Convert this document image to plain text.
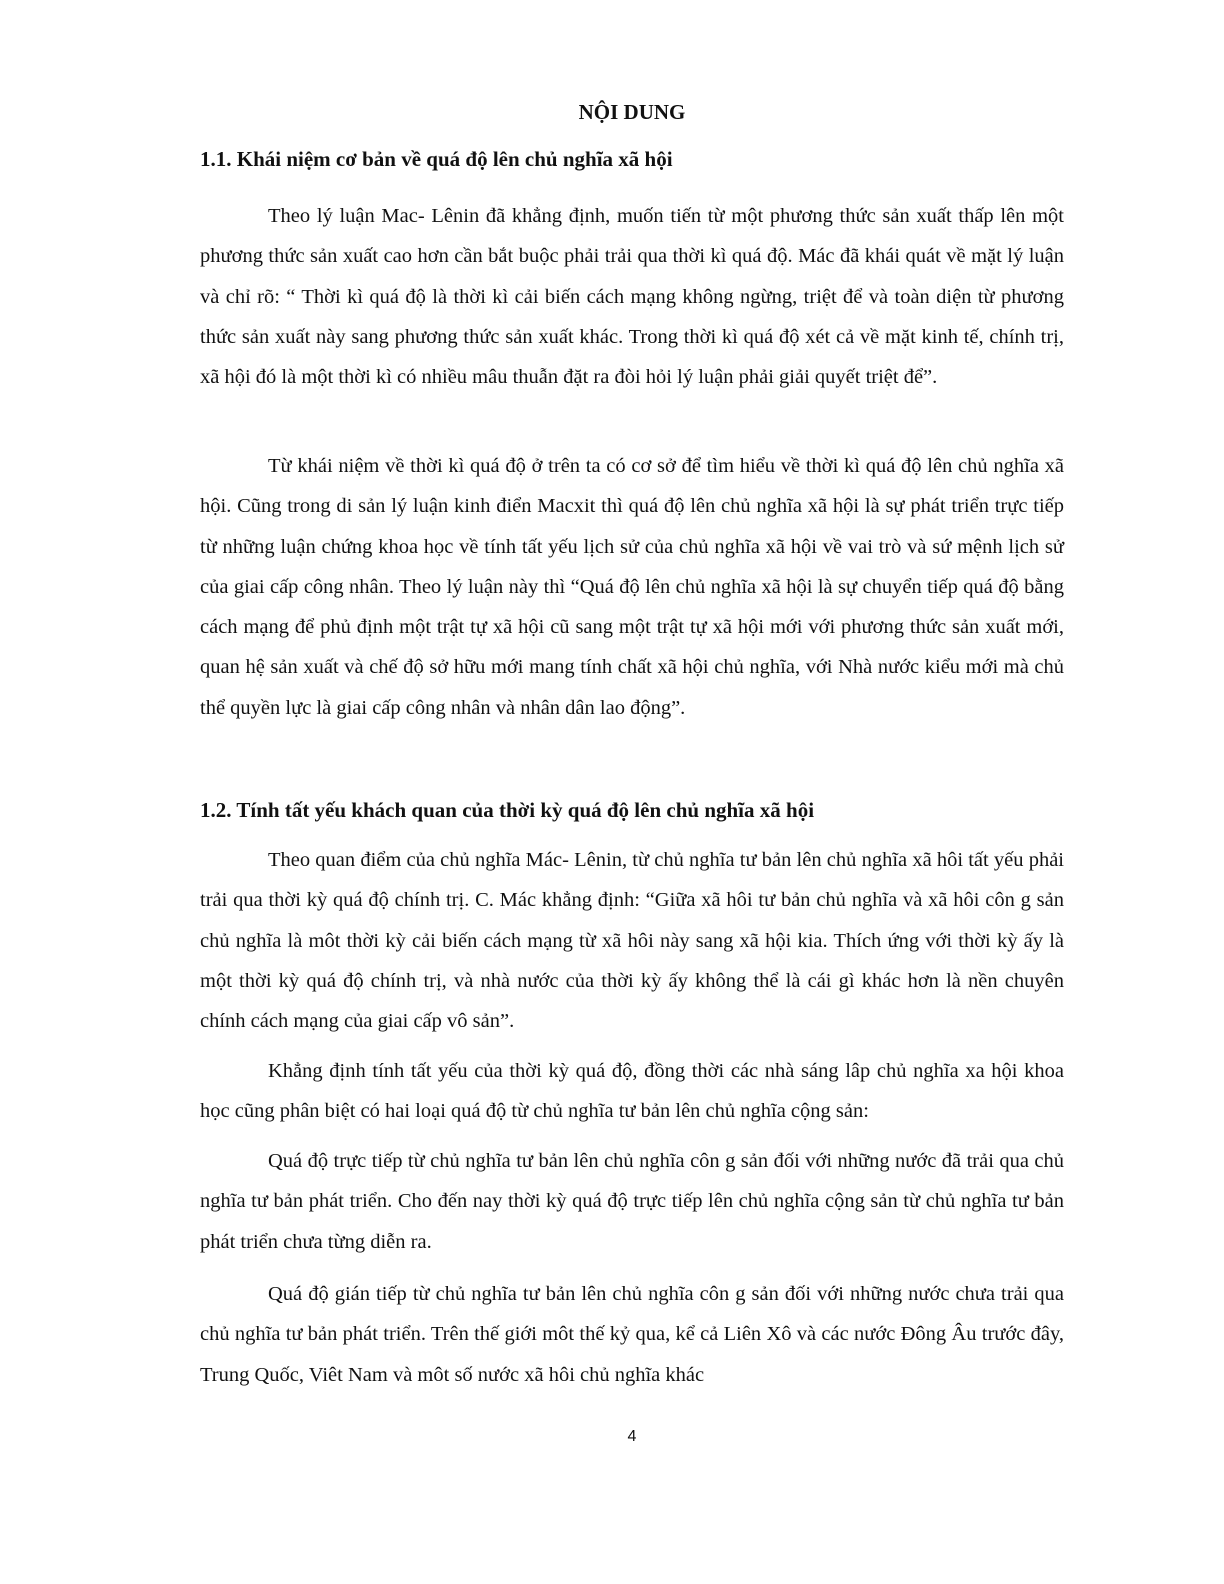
NỘI DUNG
1.1. Khái niệm cơ bản về quá độ lên chủ nghĩa xã hội

Theo lý luận Mac- Lênin đã khẳng định, muốn tiến từ một phương thức sản xuất thấp lên một phương thức sản xuất cao hơn cần bắt buộc phải trải qua thời kì quá độ. Mác đã khái quát về mặt lý luận và chỉ rõ: “ Thời kì quá độ là thời kì cải biến cách mạng không ngừng, triệt để và toàn diện từ phương thức sản xuất này sang phương thức sản xuất khác. Trong thời kì quá độ xét cả về mặt kinh tế, chính trị, xã hội đó là một thời kì có nhiều mâu thuẫn đặt ra đòi hỏi lý luận phải giải quyết triệt để”.

Từ khái niệm về thời kì quá độ ở trên ta có cơ sở để tìm hiểu về thời kì quá độ lên chủ nghĩa xã hội. Cũng trong di sản lý luận kinh điển Macxit thì quá độ lên chủ nghĩa xã hội là sự phát triển trực tiếp từ những luận chứng khoa học về tính tất yếu lịch sử của chủ nghĩa xã hội về vai trò và sứ mệnh lịch sử của giai cấp công nhân. Theo lý luận này thì “Quá độ lên chủ nghĩa xã hội là sự chuyển tiếp quá độ bằng cách mạng để phủ định một trật tự xã hội cũ sang một trật tự xã hội mới với phương thức sản xuất mới, quan hệ sản xuất và chế độ sở hữu mới mang tính chất xã hội chủ nghĩa, với Nhà nước kiểu mới mà chủ thể quyền lực là giai cấp công nhân và nhân dân lao động”.

1.2. Tính tất yếu khách quan của thời kỳ quá độ lên chủ nghĩa xã hội

Theo quan điểm của chủ nghĩa Mác- Lênin, từ chủ nghĩa tư bản lên chủ nghĩa xã hôi tất yếu phải trải qua thời kỳ quá độ chính trị. C. Mác khẳng định: “Giữa xã hôi tư bản chủ nghĩa và xã hôi côn g sản chủ nghĩa là môt thời kỳ cải biến cách mạng từ xã hôi này sang xã hội kia. Thích ứng với thời kỳ ấy là một thời kỳ quá độ chính trị, và nhà nước của thời kỳ ấy không thể là cái gì khác hơn là nền chuyên chính cách mạng của giai cấp vô sản”.

Khẳng định tính tất yếu của thời kỳ quá độ, đồng thời các nhà sáng lâp chủ nghĩa xa hội khoa học cũng phân biệt có hai loại quá độ từ chủ nghĩa tư bản lên chủ nghĩa cộng sản:

Quá độ trực tiếp từ chủ nghĩa tư bản lên chủ nghĩa côn g sản đối với những nước đã trải qua chủ nghĩa tư bản phát triển. Cho đến nay thời kỳ quá độ trực tiếp lên chủ nghĩa cộng sản từ chủ nghĩa tư bản phát triển chưa từng diễn ra.

Quá độ gián tiếp từ chủ nghĩa tư bản lên chủ nghĩa côn g sản đối với những nước chưa trải qua chủ nghĩa tư bản phát triển. Trên thế giới môt thế kỷ qua, kể cả Liên Xô và các nước Đông Âu trước đây, Trung Quốc, Viêt Nam và môt số nước xã hôi chủ nghĩa khác

4
